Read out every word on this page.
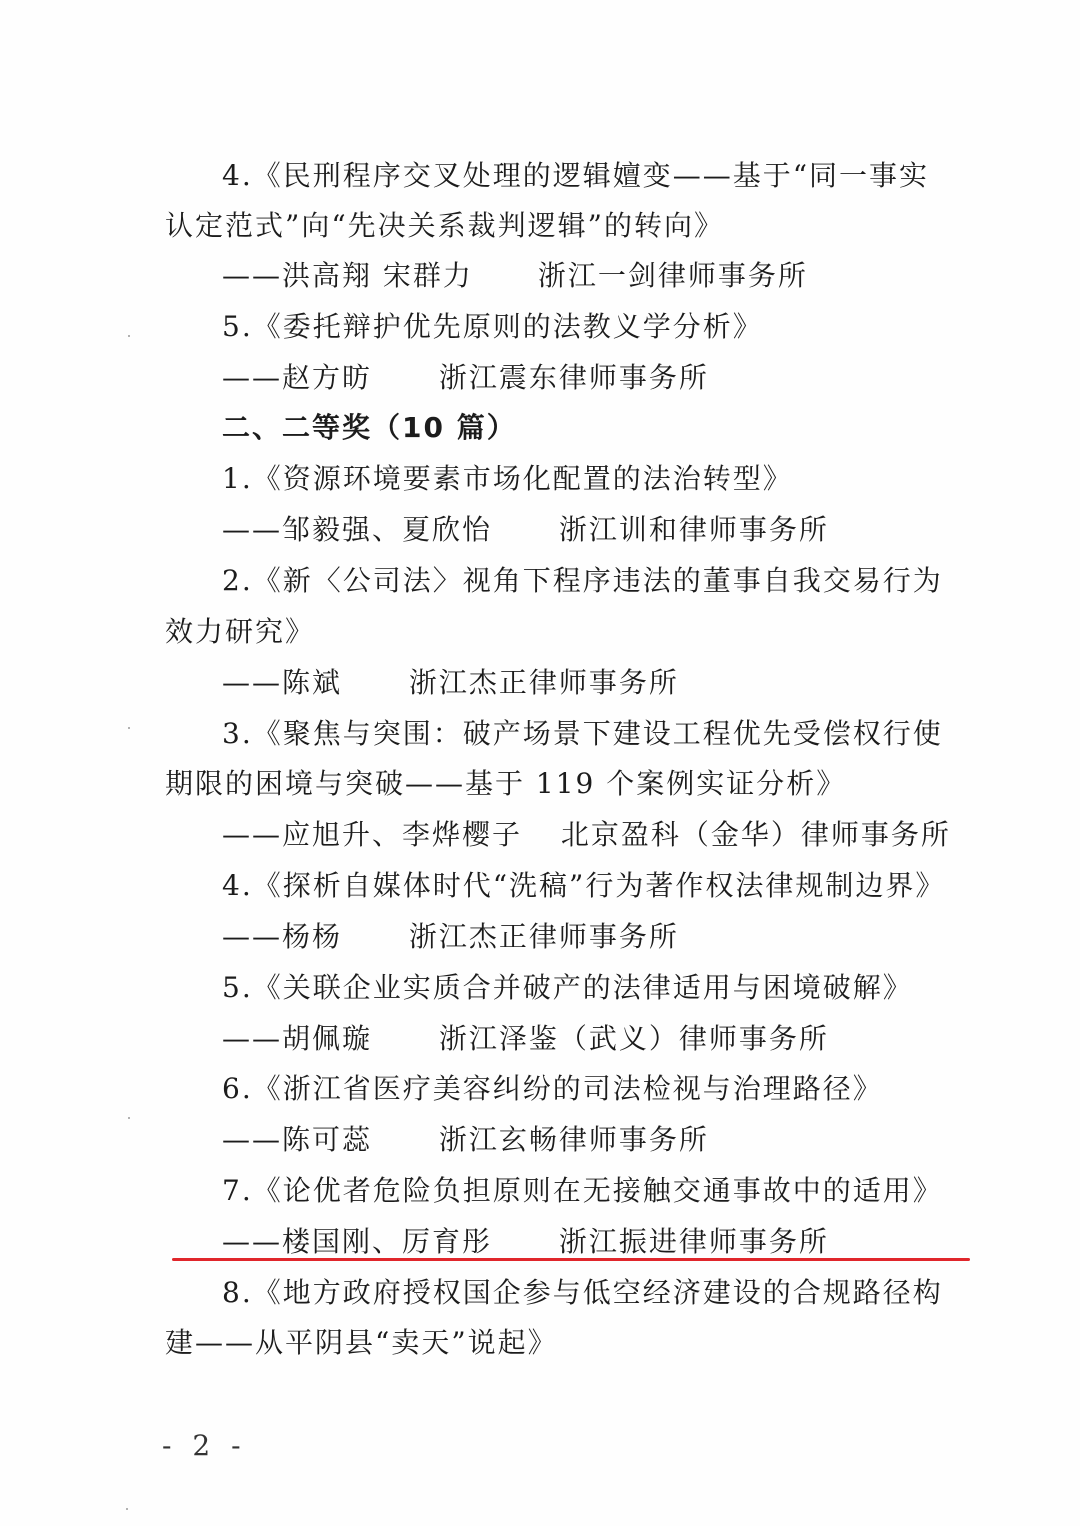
4.《民刑程序交叉处理的逻辑嬗变——基于“同一事实
认定范式”向“先决关系裁判逻辑”的转向》
——洪高翔 宋群力 浙江一剑律师事务所
5.《委托辩护优先原则的法教义学分析》
——赵方昉 浙江震东律师事务所
二、二等奖（10 篇）
1.《资源环境要素市场化配置的法治转型》
——邹毅强、夏欣怡 浙江训和律师事务所
2.《新〈公司法〉视角下程序违法的董事自我交易行为
效力研究》
——陈斌 浙江杰正律师事务所
3.《聚焦与突围：破产场景下建设工程优先受偿权行使
期限的困境与突破——基于 119 个案例实证分析》
——应旭升、李烨樱子 北京盈科（金华）律师事务所
4.《探析自媒体时代“洗稿”行为著作权法律规制边界》
——杨杨 浙江杰正律师事务所
5.《关联企业实质合并破产的法律适用与困境破解》
——胡佩璇 浙江泽鉴（武义）律师事务所
6.《浙江省医疗美容纠纷的司法检视与治理路径》
——陈可蕊 浙江玄畅律师事务所
7.《论优者危险负担原则在无接触交通事故中的适用》
——楼国刚、厉育彤 浙江振进律师事务所
8.《地方政府授权国企参与低空经济建设的合规路径构
建——从平阴县“卖天”说起》
- 2 -
